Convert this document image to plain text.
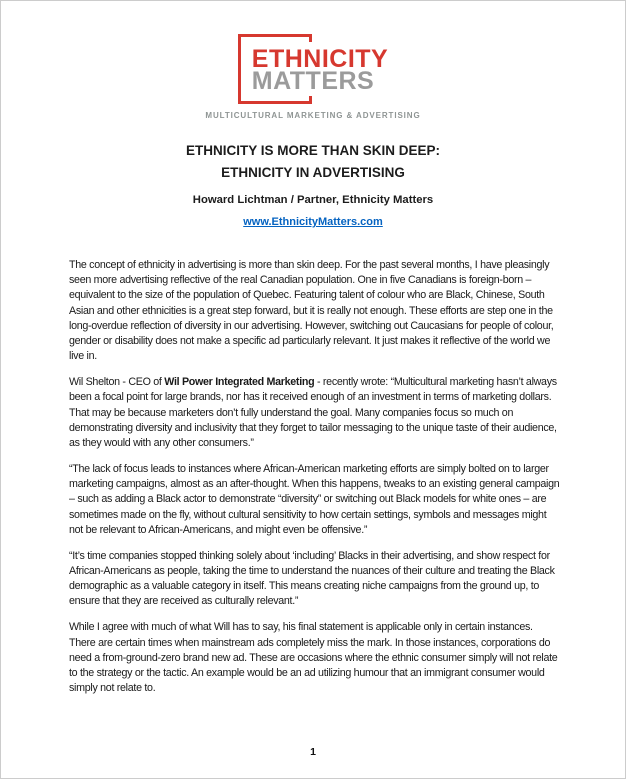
ETHNICITY
MATTERS
MULTICULTURAL MARKETING & ADVERTISING
ETHNICITY IS MORE THAN SKIN DEEP:
ETHNICITY IN ADVERTISING
Howard Lichtman / Partner, Ethnicity Matters
www.EthnicityMatters.com

The concept of ethnicity in advertising is more than skin deep. For the past several months, I have pleasingly seen more advertising reflective of the real Canadian population. One in five Canadians is foreign-born – equivalent to the size of the population of Quebec. Featuring talent of colour who are Black, Chinese, South Asian and other ethnicities is a great step forward, but it is really not enough. These efforts are step one in the long-overdue reflection of diversity in our advertising. However, switching out Caucasians for people of colour, gender or disability does not make a specific ad particularly relevant. It just makes it reflective of the world we live in.

Wil Shelton - CEO of Wil Power Integrated Marketing - recently wrote: “Multicultural marketing hasn’t always been a focal point for large brands, nor has it received enough of an investment in terms of marketing dollars. That may be because marketers don’t fully understand the goal. Many companies focus so much on demonstrating diversity and inclusivity that they forget to tailor messaging to the unique taste of their audience, as they would with any other consumers.”

“The lack of focus leads to instances where African-American marketing efforts are simply bolted on to larger marketing campaigns, almost as an after-thought. When this happens, tweaks to an existing general campaign – such as adding a Black actor to demonstrate “diversity” or switching out Black models for white ones – are sometimes made on the fly, without cultural sensitivity to how certain settings, symbols and messages might not be relevant to African-Americans, and might even be offensive.”

“It’s time companies stopped thinking solely about ‘including’ Blacks in their advertising, and show respect for African-Americans as people, taking the time to understand the nuances of their culture and treating the Black demographic as a valuable category in itself. This means creating niche campaigns from the ground up, to ensure that they are received as culturally relevant.”

While I agree with much of what Will has to say, his final statement is applicable only in certain instances. There are certain times when mainstream ads completely miss the mark. In those instances, corporations do need a from-ground-zero brand new ad. These are occasions where the ethnic consumer simply will not relate to the strategy or the tactic. An example would be an ad utilizing humour that an immigrant consumer would simply not relate to.

1
